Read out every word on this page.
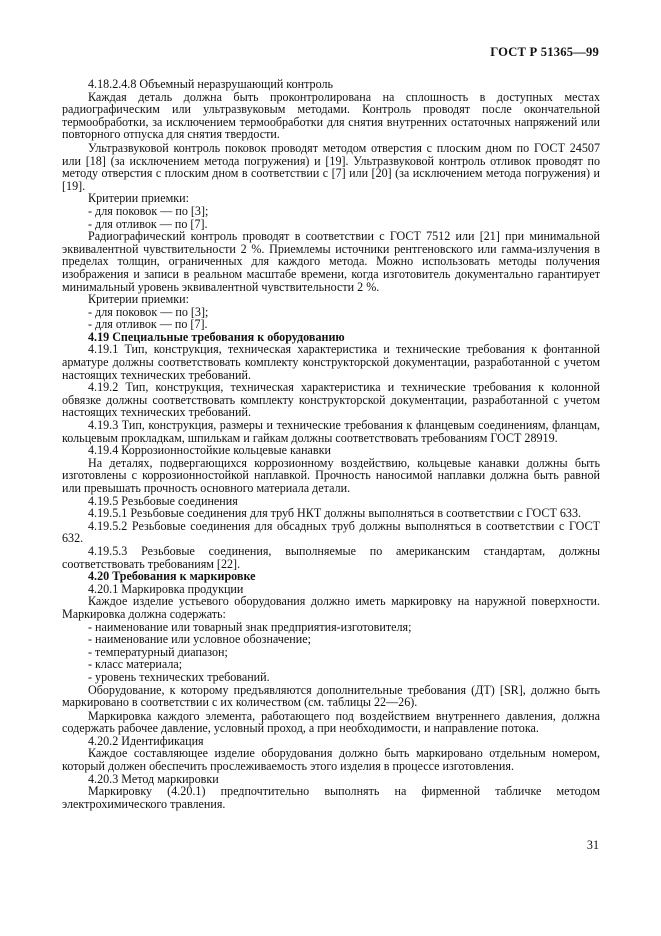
ГОСТ Р 51365—99

4.18.2.4.8 Объемный неразрушающий контроль

Каждая деталь должна быть проконтролирована на сплошность в доступных местах радиографическим или ультразвуковым методами. Контроль проводят после окончательной термообработки, за исключением термообработки для снятия внутренних остаточных напряжений или повторного отпуска для снятия твердости.

Ультразвуковой контроль поковок проводят методом отверстия с плоским дном по ГОСТ 24507 или [18] (за исключением метода погружения) и [19]. Ультразвуковой контроль отливок проводят по методу отверстия с плоским дном в соответствии с [7] или [20] (за исключением метода погружения) и [19].

Критерии приемки:

- для поковок — по [3];

- для отливок — по [7].

Радиографический контроль проводят в соответствии с ГОСТ 7512 или [21] при минимальной эквивалентной чувствительности 2 %. Приемлемы источники рентгеновского или гамма-излучения в пределах толщин, ограниченных для каждого метода. Можно использовать методы получения изображения и записи в реальном масштабе времени, когда изготовитель документально гарантирует минимальный уровень эквивалентной чувствительности 2 %.

Критерии приемки:

- для поковок — по [3];

- для отливок — по [7].

4.19 Специальные требования к оборудованию

4.19.1 Тип, конструкция, техническая характеристика и технические требования к фонтанной арматуре должны соответствовать комплекту конструкторской документации, разработанной с учетом настоящих технических требований.

4.19.2 Тип, конструкция, техническая характеристика и технические требования к колонной обвязке должны соответствовать комплекту конструкторской документации, разработанной с учетом настоящих технических требований.

4.19.3 Тип, конструкция, размеры и технические требования к фланцевым соединениям, фланцам, кольцевым прокладкам, шпилькам и гайкам должны соответствовать требованиям ГОСТ 28919.

4.19.4 Коррозионностойкие кольцевые канавки

На деталях, подвергающихся коррозионному воздействию, кольцевые канавки должны быть изготовлены с коррозионностойкой наплавкой. Прочность наносимой наплавки должна быть равной или превышать прочность основного материала детали.

4.19.5 Резьбовые соединения

4.19.5.1 Резьбовые соединения для труб НКТ должны выполняться в соответствии с ГОСТ 633.

4.19.5.2 Резьбовые соединения для обсадных труб должны выполняться в соответствии с ГОСТ 632.

4.19.5.3 Резьбовые соединения, выполняемые по американским стандартам, должны соответствовать требованиям [22].

4.20 Требования к маркировке

4.20.1 Маркировка продукции

Каждое изделие устьевого оборудования должно иметь маркировку на наружной поверхности. Маркировка должна содержать:

- наименование или товарный знак предприятия-изготовителя;

- наименование или условное обозначение;

- температурный диапазон;

- класс материала;

- уровень технических требований.

Оборудование, к которому предъявляются дополнительные требования (ДТ) [SR], должно быть маркировано в соответствии с их количеством (см. таблицы 22—26).

Маркировка каждого элемента, работающего под воздействием внутреннего давления, должна содержать рабочее давление, условный проход, а при необходимости, и направление потока.

4.20.2 Идентификация

Каждое составляющее изделие оборудования должно быть маркировано отдельным номером, который должен обеспечить прослеживаемость этого изделия в процессе изготовления.

4.20.3 Метод маркировки

Маркировку (4.20.1) предпочтительно выполнять на фирменной табличке методом электрохимического травления.

31
